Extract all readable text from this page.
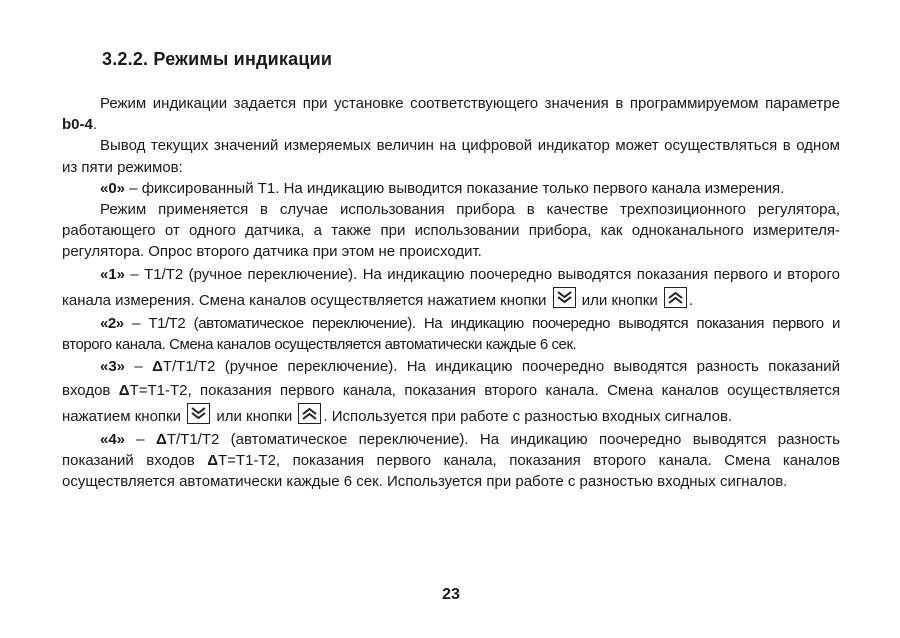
3.2.2. Режимы индикации

Режим индикации задается при установке соответствующего значения в программируемом параметре b0-4.

Вывод текущих значений измеряемых величин на цифровой индикатор может осуществляться в одном из пяти режимов:

«0» – фиксированный Т1. На индикацию выводится показание только первого канала измерения.

Режим применяется в случае использования прибора в качестве трехпозиционного регулятора, работающего от одного датчика, а также при использовании прибора, как одноканального измерителя-регулятора. Опрос второго датчика при этом не происходит.

«1» – Т1/Т2 (ручное переключение). На индикацию поочередно выводятся показания первого и второго канала измерения. Смена каналов осуществляется нажатием кнопки
или кнопки
.

«2» – Т1/Т2 (автоматическое переключение). На индикацию поочередно выводятся показания первого и второго канала. Смена каналов осуществляется автоматически каждые 6 сек.

«3» – ΔТ/Т1/Т2 (ручное переключение). На индикацию поочередно выводятся разность показаний входов ΔТ=Т1-Т2, показания первого канала, показания второго канала. Смена каналов осуществляется нажатием кнопки
или кнопки
. Используется при работе с разностью входных сигналов.

«4» – ΔТ/Т1/Т2 (автоматическое переключение). На индикацию поочередно выводятся разность показаний входов ΔТ=Т1-Т2, показания первого канала, показания второго канала. Смена каналов осуществляется автоматически каждые 6 сек. Используется при работе с разностью входных сигналов.

23
